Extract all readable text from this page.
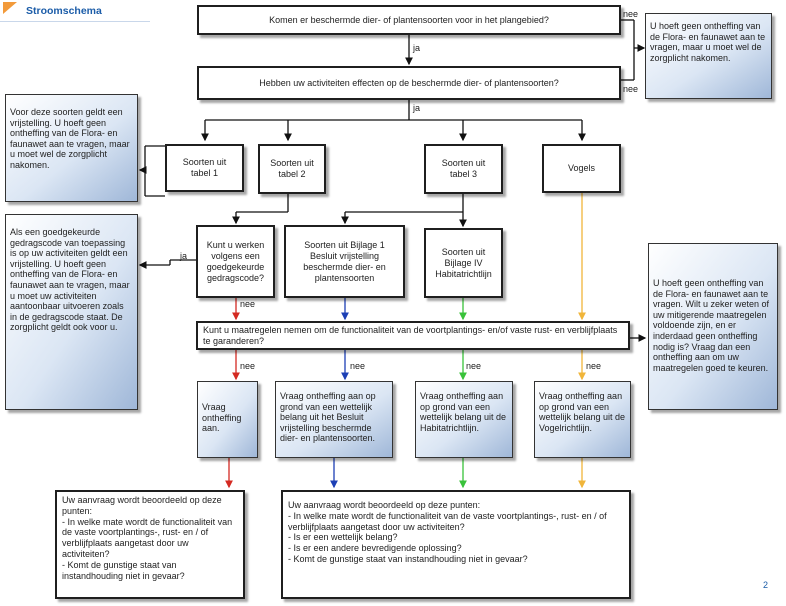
Stroomschema
Komen er beschermde dier- of plantensoorten voor in het plangebied?
Hebben uw activiteiten effecten op de beschermde dier- of plantensoorten?
ja
nee
nee
ja
ja
nee
nee	nee	nee	nee
U hoeft geen ontheffing van de Flora- en faunawet aan te vragen, maar u moet wel de zorgplicht nakomen.
Voor deze soorten geldt een vrijstelling. U hoeft geen ontheffing van de Flora- en faunawet aan te vragen, maar u moet wel de zorgplicht nakomen.	Soorten uit tabel 1
Soorten uit tabel 2
Soorten uit tabel 3
Vogels
Als een goedgekeurde gedragscode van toepassing is op uw activiteiten geldt een vrijstelling. U hoeft geen ontheffing van de Flora- en faunawet aan te vragen, maar u moet uw activiteiten aantoonbaar uitvoeren zoals in de gedragscode staat. De zorgplicht geldt ook voor u.
Kunt u werken volgens een goedgekeurde gedragscode?
Soorten uit Bijlage 1 Besluit vrijstelling beschermde dier- en plantensoorten
Soorten uit Bijlage IV Habitatrichtlijn
U hoeft geen ontheffing van de Flora- en faunawet aan te vragen. Wilt u zeker weten of uw mitigerende maatregelen voldoende zijn, en er inderdaad geen ontheffing nodig is? Vraag dan een ontheffing aan om uw maatregelen goed te keuren.
Kunt u maatregelen nemen om de functionaliteit van de voortplantings- en/of vaste rust- en verblijfplaats te garanderen?
Vraag ontheffing aan.
Vraag ontheffing aan op grond van een wettelijk belang uit het Besluit vrijstelling beschermde dier- en plantensoorten.
Vraag ontheffing aan op grond van een wettelijk belang uit de Habitatrichtlijn.
Vraag ontheffing aan op grond van een wettelijk belang uit de Vogelrichtlijn.
Uw aanvraag wordt beoordeeld op deze punten:
- In welke mate wordt de functionaliteit van de vaste voortplantings-, rust- en / of verblijfplaats aangetast door uw activiteiten?
- Komt de gunstige staat van instandhouding niet in gevaar?
Uw aanvraag wordt beoordeeld op deze punten:
- In welke mate wordt de functionaliteit van de vaste voortplantings-, rust- en / of verblijfplaats aangetast door uw activiteiten?
- Is er een wettelijk belang?
- Is er een andere bevredigende oplossing?
- Komt de gunstige staat van instandhouding niet in gevaar?
2
